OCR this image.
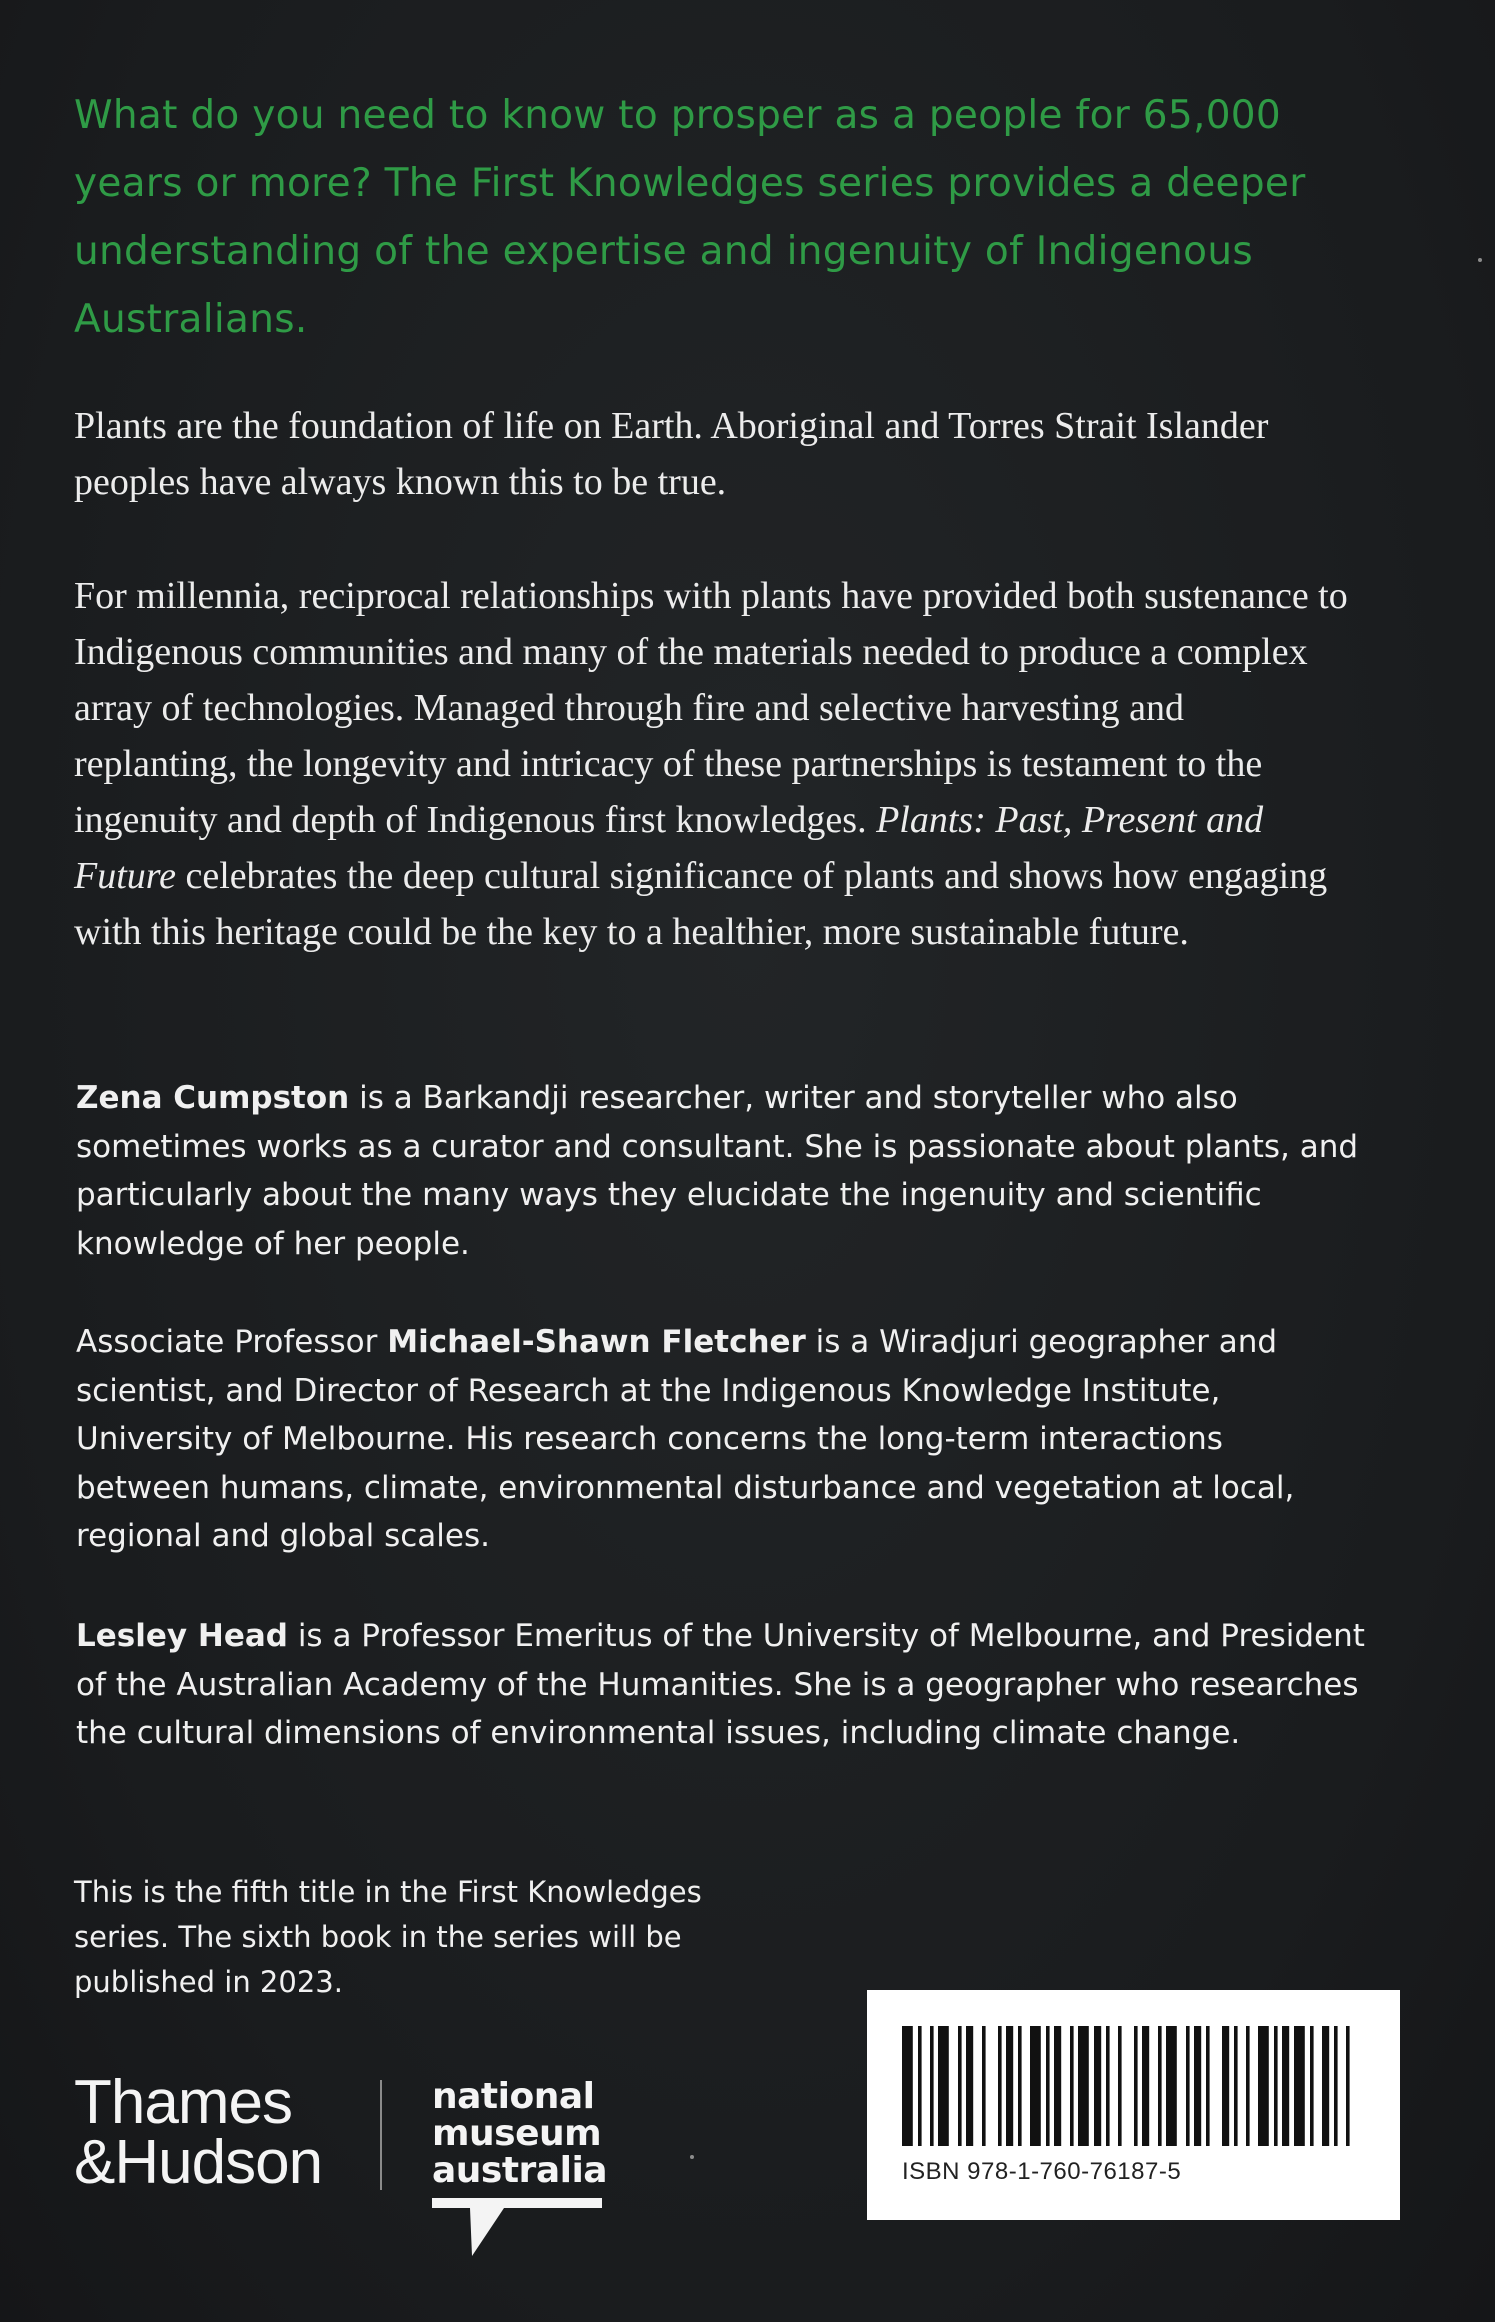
What do you need to know to prosper as a people for 65,000 years or more? The First Knowledges series provides a deeper understanding of the expertise and ingenuity of Indigenous Australians.
Plants are the foundation of life on Earth. Aboriginal and Torres Strait Islander peoples have always known this to be true.
For millennia, reciprocal relationships with plants have provided both sustenance to Indigenous communities and many of the materials needed to produce a complex array of technologies. Managed through fire and selective harvesting and replanting, the longevity and intricacy of these partnerships is testament to the ingenuity and depth of Indigenous first knowledges. Plants: Past, Present and Future celebrates the deep cultural significance of plants and shows how engaging with this heritage could be the key to a healthier, more sustainable future.
Zena Cumpston is a Barkandji researcher, writer and storyteller who also sometimes works as a curator and consultant. She is passionate about plants, and particularly about the many ways they elucidate the ingenuity and scientific knowledge of her people.
Associate Professor Michael-Shawn Fletcher is a Wiradjuri geographer and scientist, and Director of Research at the Indigenous Knowledge Institute, University of Melbourne. His research concerns the long-term interactions between humans, climate, environmental disturbance and vegetation at local, regional and global scales.
Lesley Head is a Professor Emeritus of the University of Melbourne, and President of the Australian Academy of the Humanities. She is a geographer who researches the cultural dimensions of environmental issues, including climate change.
This is the fifth title in the First Knowledges series. The sixth book in the series will be published in 2023.
Thames
&Hudson
national
museum
australia	ISBN 978-1-760-76187-5
